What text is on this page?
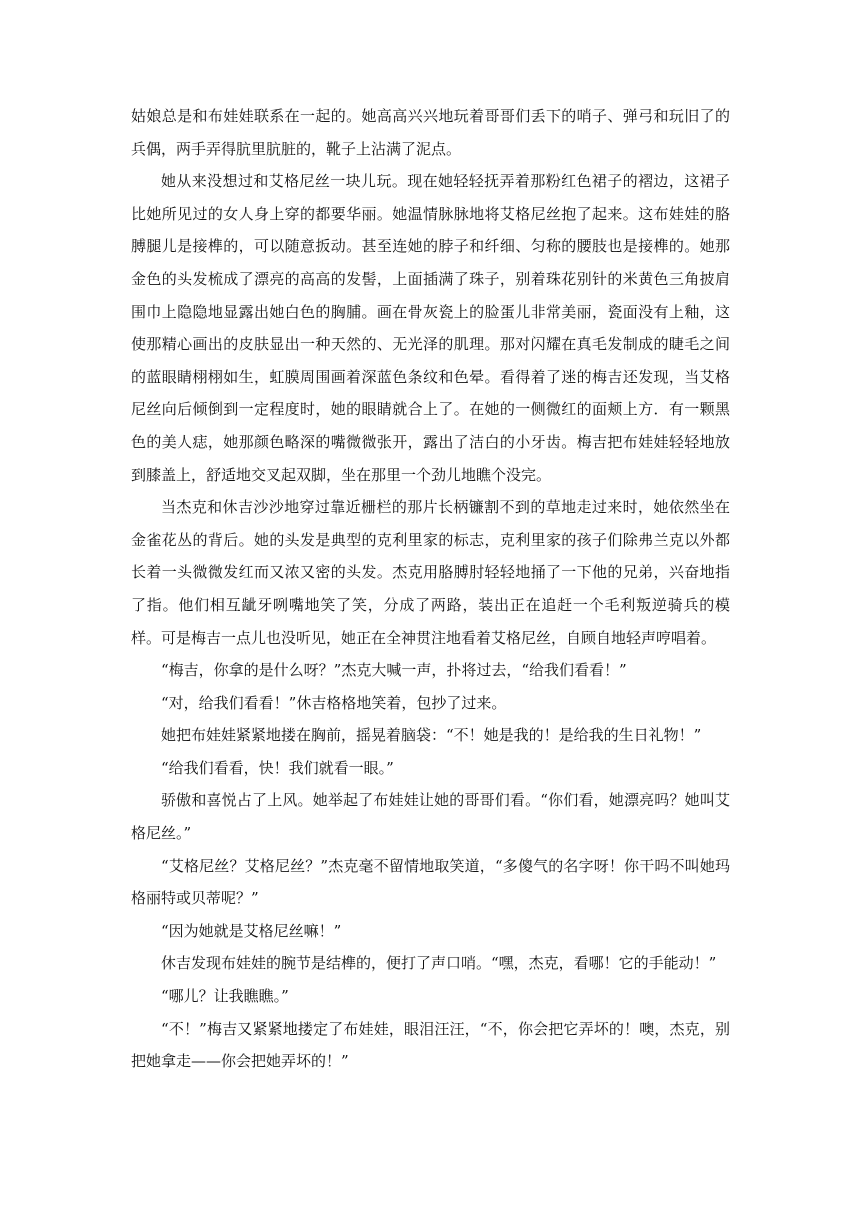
姑娘总是和布娃娃联系在一起的。她高高兴兴地玩着哥哥们丢下的哨子、弹弓和玩旧了的兵偶，两手弄得肮里肮脏的，靴子上沾满了泥点。

她从来没想过和艾格尼丝一块儿玩。现在她轻轻抚弄着那粉红色裙子的褶边，这裙子比她所见过的女人身上穿的都要华丽。她温情脉脉地将艾格尼丝抱了起来。这布娃娃的胳膊腿儿是接榫的，可以随意扳动。甚至连她的脖子和纤细、匀称的腰肢也是接榫的。她那金色的头发梳成了漂亮的高高的发髻，上面插满了珠子，别着珠花别针的米黄色三角披肩围巾上隐隐地显露出她白色的胸脯。画在骨灰瓷上的脸蛋儿非常美丽，瓷面没有上釉，这使那精心画出的皮肤显出一种天然的、无光泽的肌理。那对闪耀在真毛发制成的睫毛之间的蓝眼睛栩栩如生，虹膜周围画着深蓝色条纹和色晕。看得着了迷的梅吉还发现，当艾格尼丝向后倾倒到一定程度时，她的眼睛就合上了。在她的一侧微红的面颊上方．有一颗黑色的美人痣，她那颜色略深的嘴微微张开，露出了洁白的小牙齿。梅吉把布娃娃轻轻地放到膝盖上，舒适地交叉起双脚，坐在那里一个劲儿地瞧个没完。

当杰克和休吉沙沙地穿过靠近栅栏的那片长柄镰割不到的草地走过来时，她依然坐在金雀花丛的背后。她的头发是典型的克利里家的标志，克利里家的孩子们除弗兰克以外都长着一头微微发红而又浓又密的头发。杰克用胳膊肘轻轻地捅了一下他的兄弟，兴奋地指了指。他们相互龇牙咧嘴地笑了笑，分成了两路，装出正在追赶一个毛利叛逆骑兵的模样。可是梅吉一点儿也没听见，她正在全神贯注地看着艾格尼丝，自顾自地轻声哼唱着。

“梅吉，你拿的是什么呀？”杰克大喊一声，扑将过去，“给我们看看！”

“对，给我们看看！”休吉格格地笑着，包抄了过来。

她把布娃娃紧紧地搂在胸前，摇晃着脑袋：“不！她是我的！是给我的生日礼物！”

“给我们看看，快！我们就看一眼。”

骄傲和喜悦占了上风。她举起了布娃娃让她的哥哥们看。“你们看，她漂亮吗？她叫艾格尼丝。”

“艾格尼丝？艾格尼丝？”杰克毫不留情地取笑道，“多傻气的名字呀！你干吗不叫她玛格丽特或贝蒂呢？”

“因为她就是艾格尼丝嘛！”

休吉发现布娃娃的腕节是结榫的，便打了声口哨。“嘿，杰克，看哪！它的手能动！”

“哪儿？让我瞧瞧。”

“不！”梅吉又紧紧地搂定了布娃娃，眼泪汪汪，“不，你会把它弄坏的！噢，杰克，别把她拿走——你会把她弄坏的！”
